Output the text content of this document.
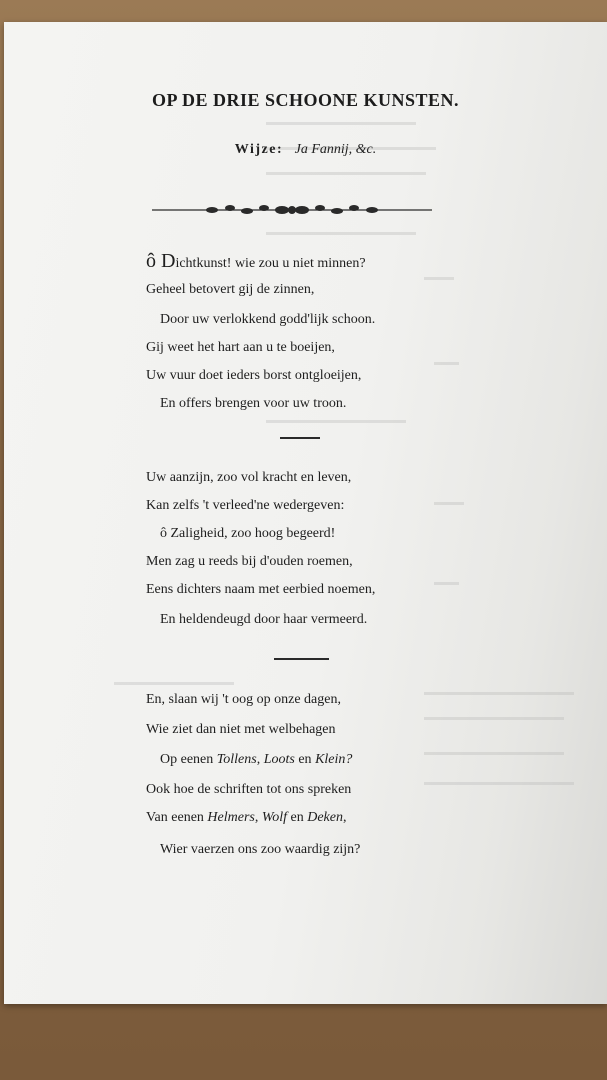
OP DE DRIE SCHOONE KUNSTEN.
Wijze: Ja Fannij, &c.
ô Dichtkunst! wie zou u niet minnen?
Geheel betovert gij de zinnen,
Door uw verlokkend godd'lijk schoon.
Gij weet het hart aan u te boeijen,
Uw vuur doet ieders borst ontgloeijen,
En offers brengen voor uw troon.
Uw aanzijn, zoo vol kracht en leven,
Kan zelfs 't verleed'ne wedergeven:
ô Zaligheid, zoo hoog begeerd!
Men zag u reeds bij d'ouden roemen,
Eens dichters naam met eerbied noemen,
En heldendeugd door haar vermeerd.
En, slaan wij 't oog op onze dagen,
Wie ziet dan niet met welbehagen
Op eenen Tollens, Loots en Klein?
Ook hoe de schriften tot ons spreken
Van eenen Helmers, Wolf en Deken,
Wier vaerzen ons zoo waardig zijn?
